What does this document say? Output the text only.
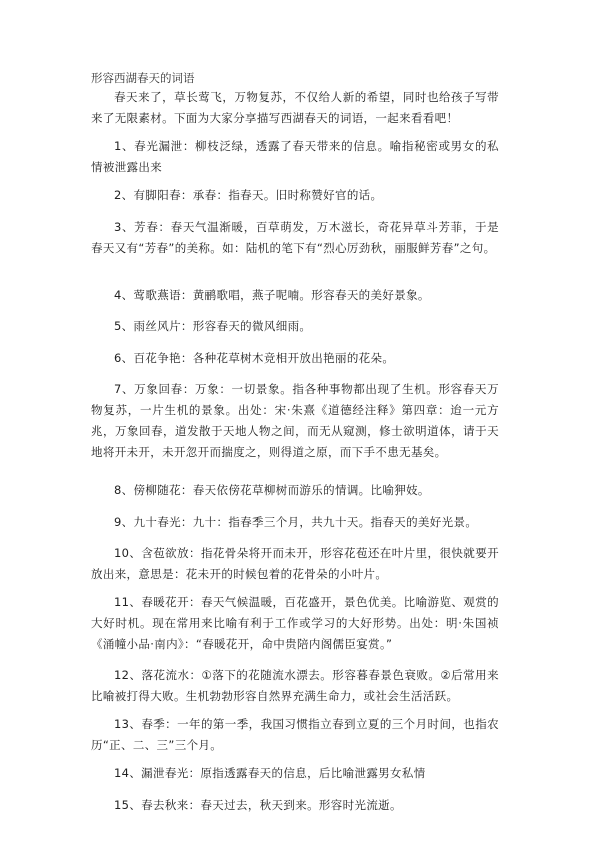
形容西湖春天的词语

春天来了，草长莺飞，万物复苏，不仅给人新的希望，同时也给孩子写带来了无限素材。下面为大家分享描写西湖春天的词语，一起来看看吧！

1、春光漏泄：柳枝泛绿，透露了春天带来的信息。喻指秘密或男女的私情被泄露出来

2、有脚阳春：承春：指春天。旧时称赞好官的话。

3、芳春：春天气温渐暖，百草萌发，万木滋长，奇花异草斗芳菲，于是春天又有“芳春”的美称。如：陆机的笔下有“烈心厉劲秋，丽服鲜芳春”之句。

4、莺歌燕语：黄鹂歌唱，燕子呢喃。形容春天的美好景象。

5、雨丝风片：形容春天的微风细雨。

6、百花争艳：各种花草树木竞相开放出艳丽的花朵。

7、万象回春：万象：一切景象。指各种事物都出现了生机。形容春天万物复苏，一片生机的景象。出处：宋·朱熹《道德经注释》第四章：迨一元方兆，万象回春，道发散于天地人物之间，而无从窥测，修士欲明道体，请于天地将开未开，未开忽开而揣度之，则得道之原，而下手不患无基矣。

8、傍柳随花：春天依傍花草柳树而游乐的情调。比喻狎妓。

9、九十春光：九十：指春季三个月，共九十天。指春天的美好光景。

10、含苞欲放：指花骨朵将开而未开，形容花苞还在叶片里，很快就要开放出来，意思是：花未开的时候包着的花骨朵的小叶片。

11、春暖花开：春天气候温暖，百花盛开，景色优美。比喻游览、观赏的大好时机。现在常用来比喻有利于工作或学习的大好形势。出处：明·朱国祯《涌幢小品·南内》：“春暖花开，命中贵陪内阁儒臣宴赏。”

12、落花流水：①落下的花随流水漂去。形容暮春景色衰败。②后常用来比喻被打得大败。生机勃勃形容自然界充满生命力，或社会生活活跃。

13、春季：一年的第一季，我国习惯指立春到立夏的三个月时间，也指农历“正、二、三”三个月。

14、漏泄春光：原指透露春天的信息，后比喻泄露男女私情

15、春去秋来：春天过去，秋天到来。形容时光流逝。
